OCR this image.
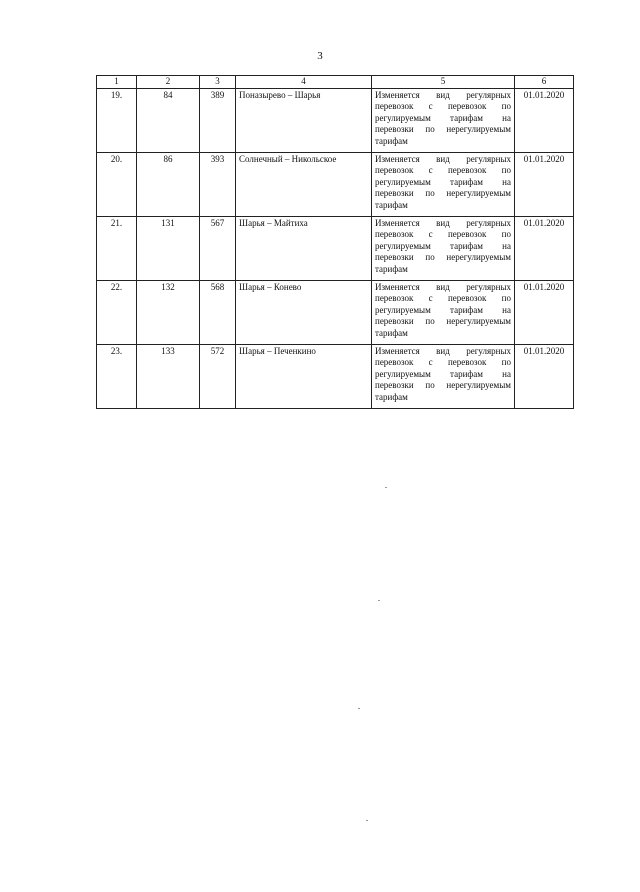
3
1	2	3	4	5	6
19.	84	389	Поназырево – Шарья	Изменяется вид регулярных перевозок с перевозок по регулируемым тарифам на перевозки по нерегулируемым тарифам	01.01.2020
20.	86	393	Солнечный – Никольское	Изменяется вид регулярных перевозок с перевозок по регулируемым тарифам на перевозки по нерегулируемым тарифам	01.01.2020
21.	131	567	Шарья – Майтиха	Изменяется вид регулярных перевозок с перевозок по регулируемым тарифам на перевозки по нерегулируемым тарифам	01.01.2020
22.	132	568	Шарья – Конево	Изменяется вид регулярных перевозок с перевозок по регулируемым тарифам на перевозки по нерегулируемым тарифам	01.01.2020
23.	133	572	Шарья – Печенкино	Изменяется вид регулярных перевозок с перевозок по регулируемым тарифам на перевозки по нерегулируемым тарифам	01.01.2020
